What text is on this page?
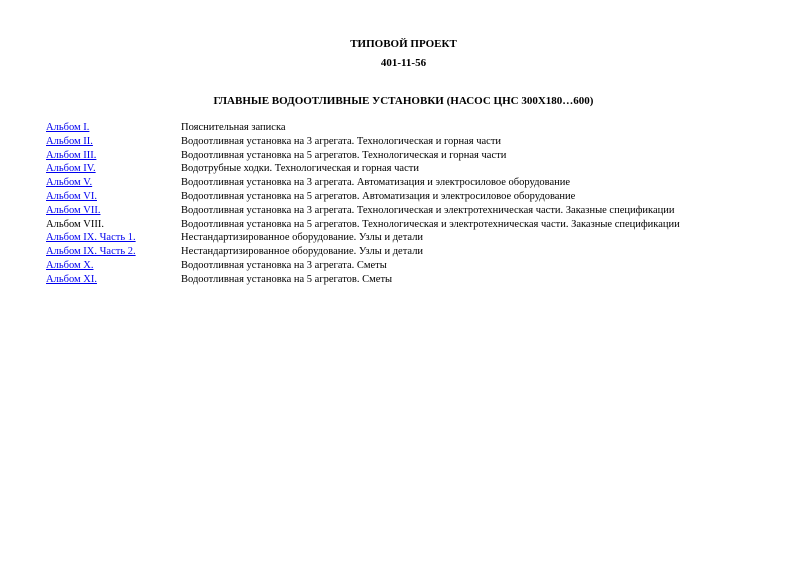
ТИПОВОЙ ПРОЕКТ
401-11-56
ГЛАВНЫЕ ВОДООТЛИВНЫЕ УСТАНОВКИ (НАСОС ЦНС 300Х180…600)
Альбом I.	Пояснительная записка
Альбом II.	Водоотливная установка на 3 агрегата. Технологическая и горная части
Альбом III.	Водоотливная установка на 5 агрегатов. Технологическая и горная части
Альбом IV.	Водотрубные ходки. Технологическая и горная части
Альбом V.	Водоотливная установка на 3 агрегата. Автоматизация и электросиловое оборудование
Альбом VI.	Водоотливная установка на 5 агрегатов. Автоматизация и электросиловое оборудование
Альбом VII.	Водоотливная установка на 3 агрегата. Технологическая и электротехническая части. Заказные спецификации
Альбом VIII.	Водоотливная установка на 5 агрегатов. Технологическая и электротехническая части. Заказные спецификации
Альбом IX. Часть 1.	Нестандартизированное оборудование. Узлы и детали
Альбом IX. Часть 2.	Нестандартизированное оборудование. Узлы и детали
Альбом X.	Водоотливная установка на 3 агрегата. Сметы
Альбом XI.	Водоотливная установка на 5 агрегатов. Сметы
